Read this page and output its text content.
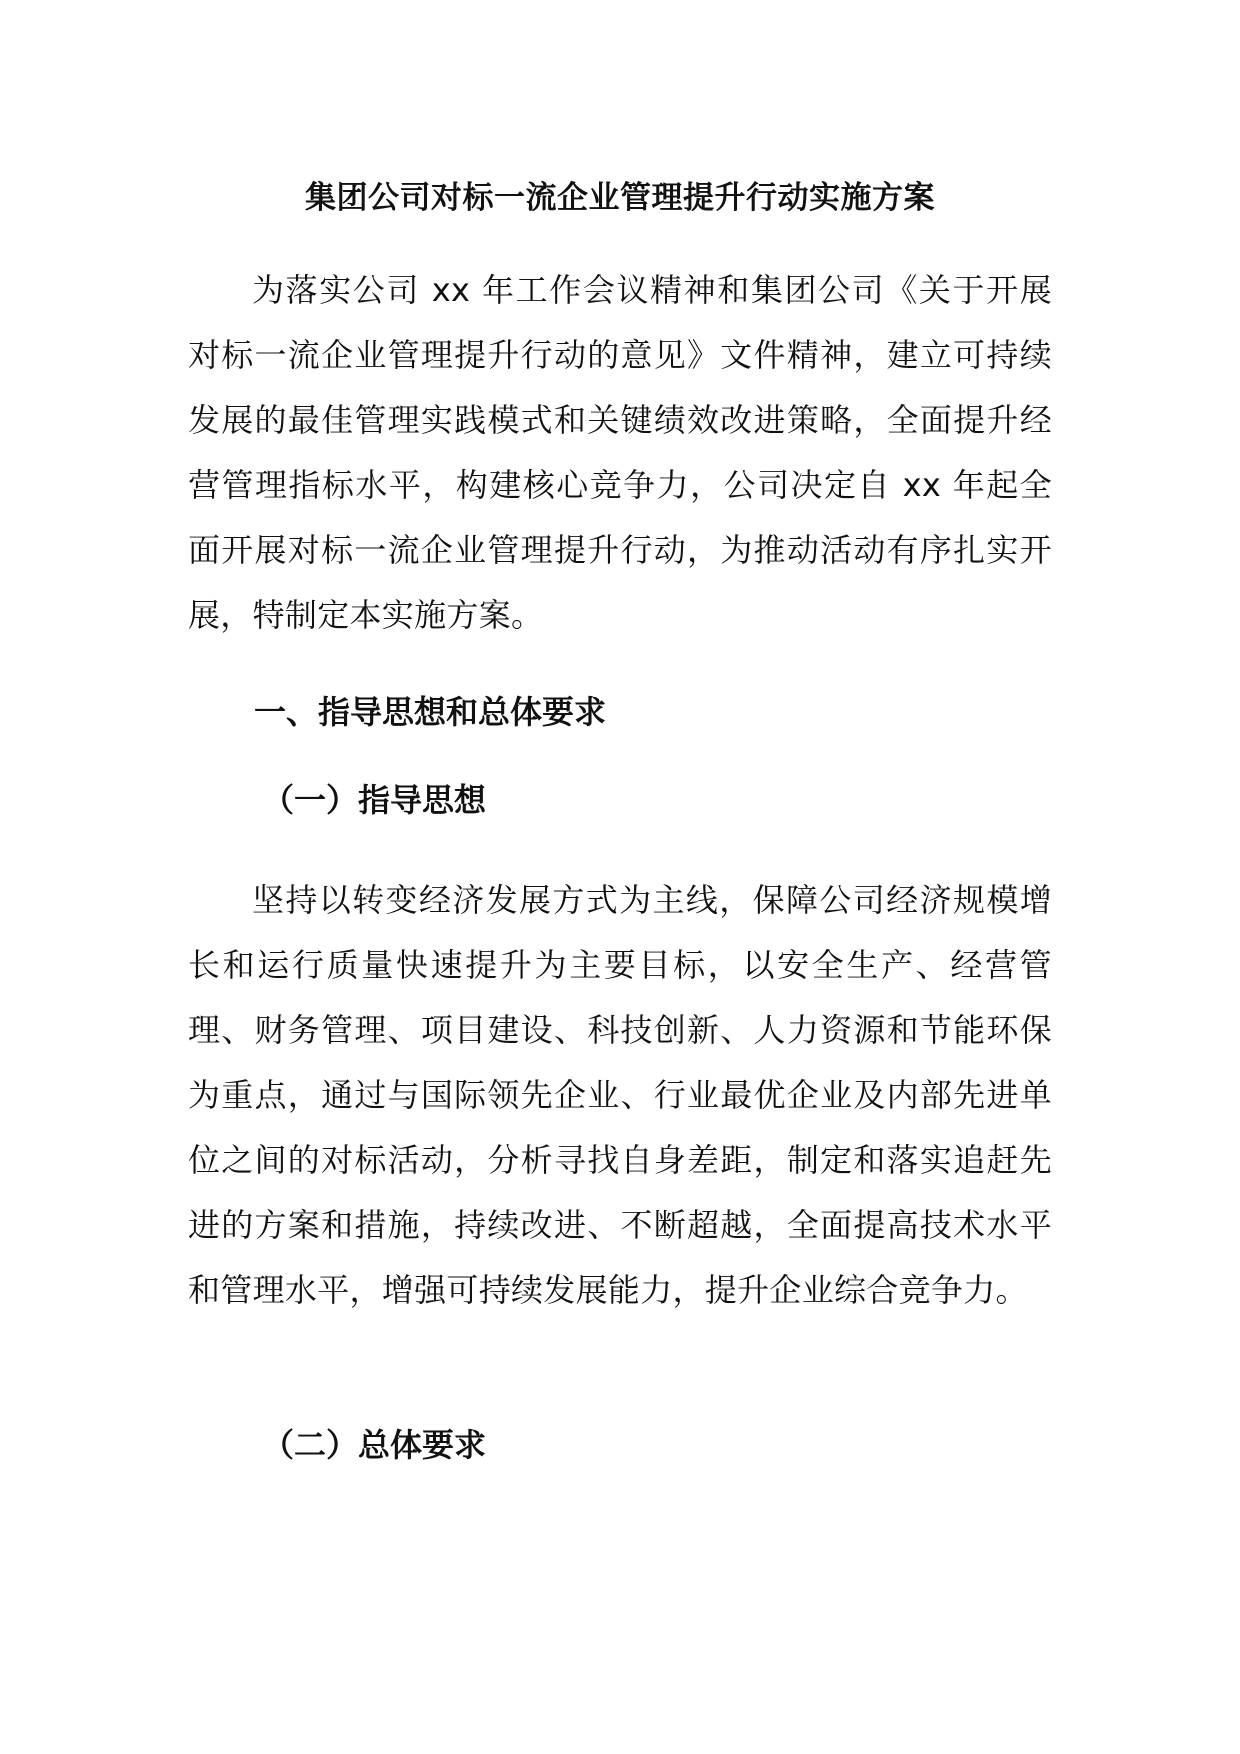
集团公司对标一流企业管理提升行动实施方案

为落实公司 xx 年工作会议精神和集团公司《关于开展对标一流企业管理提升行动的意见》文件精神，建立可持续发展的最佳管理实践模式和关键绩效改进策略，全面提升经营管理指标水平，构建核心竞争力，公司决定自 xx 年起全面开展对标一流企业管理提升行动，为推动活动有序扎实开展，特制定本实施方案。

一、指导思想和总体要求
（一）指导思想

坚持以转变经济发展方式为主线，保障公司经济规模增长和运行质量快速提升为主要目标，以安全生产、经营管理、财务管理、项目建设、科技创新、人力资源和节能环保为重点，通过与国际领先企业、行业最优企业及内部先进单位之间的对标活动，分析寻找自身差距，制定和落实追赶先进的方案和措施，持续改进、不断超越，全面提高技术水平和管理水平，增强可持续发展能力，提升企业综合竞争力。

（二）总体要求
